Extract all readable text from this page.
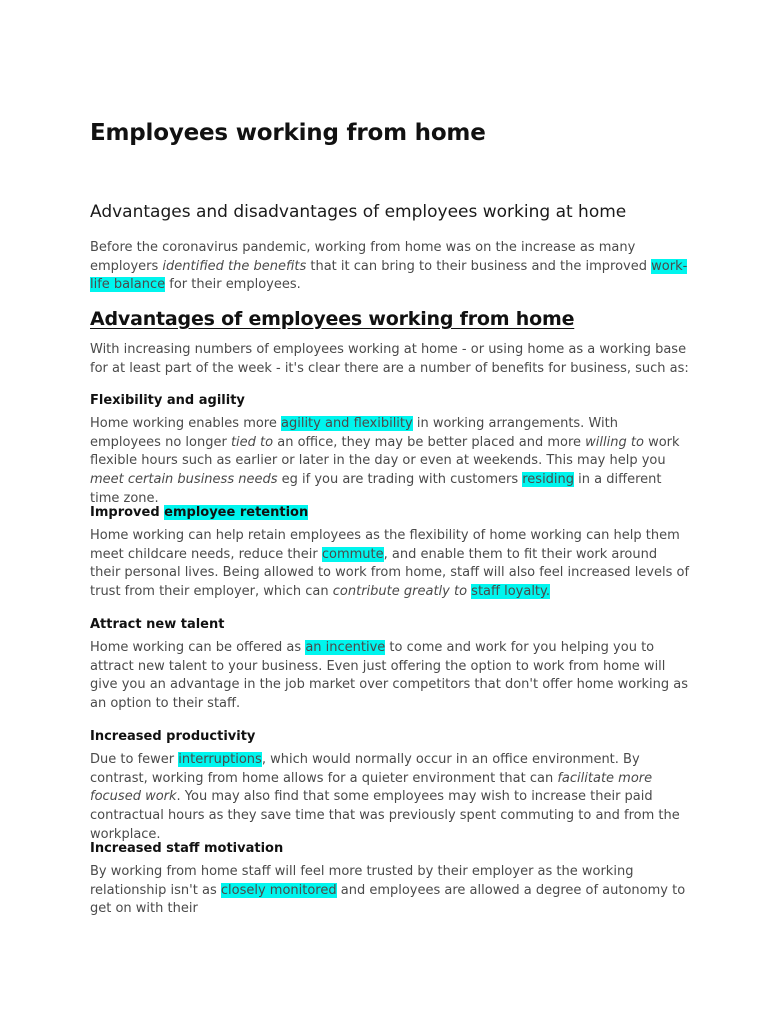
Employees working from home
Advantages and disadvantages of employees working at home

Before the coronavirus pandemic, working from home was on the increase as many employers identified the benefits that it can bring to their business and the improved work-life balance for their employees.

Advantages of employees working from home

With increasing numbers of employees working at home - or using home as a working base for at least part of the week - it's clear there are a number of benefits for business, such as:

Flexibility and agility

Home working enables more agility and flexibility in working arrangements. With employees no longer tied to an office, they may be better placed and more willing to work flexible hours such as earlier or later in the day or even at weekends. This may help you meet certain business needs eg if you are trading with customers residing in a different time zone.

Improved employee retention

Home working can help retain employees as the flexibility of home working can help them meet childcare needs, reduce their commute, and enable them to fit their work around their personal lives. Being allowed to work from home, staff will also feel increased levels of trust from their employer, which can contribute greatly to staff loyalty.

Attract new talent

Home working can be offered as an incentive to come and work for you helping you to attract new talent to your business. Even just offering the option to work from home will give you an advantage in the job market over competitors that don't offer home working as an option to their staff.

Increased productivity

Due to fewer interruptions, which would normally occur in an office environment. By contrast, working from home allows for a quieter environment that can facilitate more focused work. You may also find that some employees may wish to increase their paid contractual hours as they save time that was previously spent commuting to and from the workplace.

Increased staff motivation

By working from home staff will feel more trusted by their employer as the working relationship isn't as closely monitored and employees are allowed a degree of autonomy to get on with their
